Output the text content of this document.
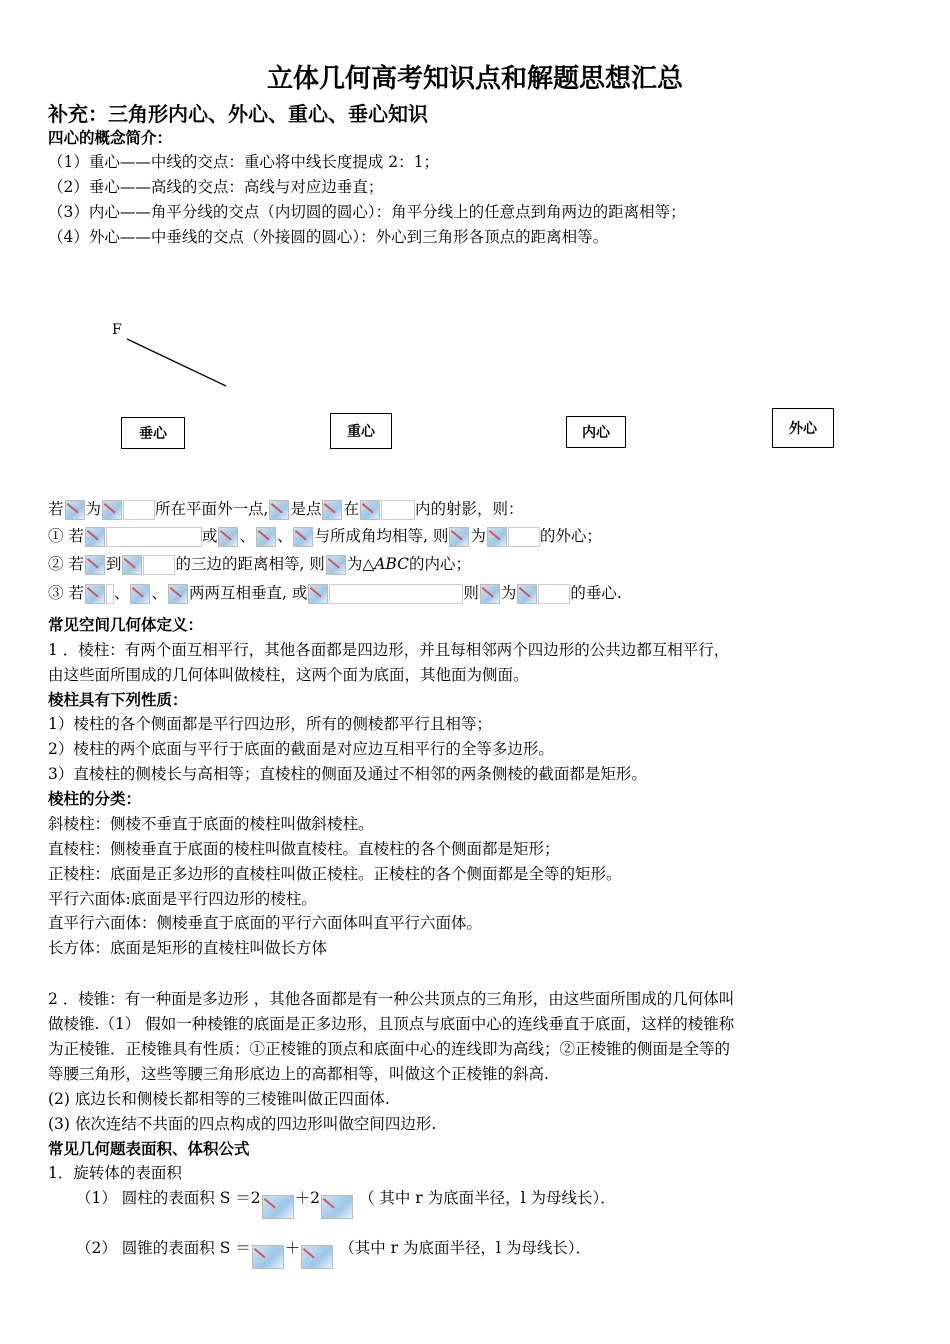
立体几何高考知识点和解题思想汇总
补充：三角形内心、外心、重心、垂心知识
四心的概念简介：
（1）重心——中线的交点：重心将中线长度提成 2：1；
（2）垂心——高线的交点：高线与对应边垂直；
（3）内心——角平分线的交点（内切圆的圆心）：角平分线上的任意点到角两边的距离相等；
（4）外心——中垂线的交点（外接圆的圆心）：外心到三角形各顶点的距离相等。
F
垂心	重心	内心	外心
若 为	所在平面外一点, 是点 在	内的射影，则：
① 若	或 、 、 与所成角均相等, 则 为	的外心；
② 若 到	的三边的距离相等, 则 为△ABC的内心；
③ 若 、 、 两两互相垂直, 或	则 为	的垂心.
常见空间几何体定义：
1 ．棱柱：有两个面互相平行，其他各面都是四边形，并且每相邻两个四边形的公共边都互相平行，
由这些面所围成的几何体叫做棱柱，这两个面为底面，其他面为侧面。
棱柱具有下列性质：
1）棱柱的各个侧面都是平行四边形，所有的侧棱都平行且相等；
2）棱柱的两个底面与平行于底面的截面是对应边互相平行的全等多边形。
3）直棱柱的侧棱长与高相等；直棱柱的侧面及通过不相邻的两条侧棱的截面都是矩形。
棱柱的分类：
斜棱柱：侧棱不垂直于底面的棱柱叫做斜棱柱。
直棱柱：侧棱垂直于底面的棱柱叫做直棱柱。直棱柱的各个侧面都是矩形；
正棱柱：底面是正多边形的直棱柱叫做正棱柱。正棱柱的各个侧面都是全等的矩形。
平行六面体:底面是平行四边形的棱柱。
直平行六面体：侧棱垂直于底面的平行六面体叫直平行六面体。
长方体：底面是矩形的直棱柱叫做长方体
2 ．棱锥：有一种面是多边形 ，其他各面都是有一种公共顶点的三角形，由这些面所围成的几何体叫
做棱锥.（1） 假如一种棱锥的底面是正多边形，且顶点与底面中心的连线垂直于底面，这样的棱锥称
为正棱锥．正棱锥具有性质：①正棱锥的顶点和底面中心的连线即为高线；②正棱锥的侧面是全等的
等腰三角形，这些等腰三角形底边上的高都相等，叫做这个正棱锥的斜高.
(2) 底边长和侧棱长都相等的三棱锥叫做正四面体.
(3) 依次连结不共面的四点构成的四边形叫做空间四边形.
常见几何题表面积、体积公式
1．旋转体的表面积
（1） 圆柱的表面积 S ＝2 ＋2	（ 其中 r 为底面半径，l 为母线长）．
（2） 圆锥的表面积 S ＝ ＋	（其中 r 为底面半径，l 为母线长）．
